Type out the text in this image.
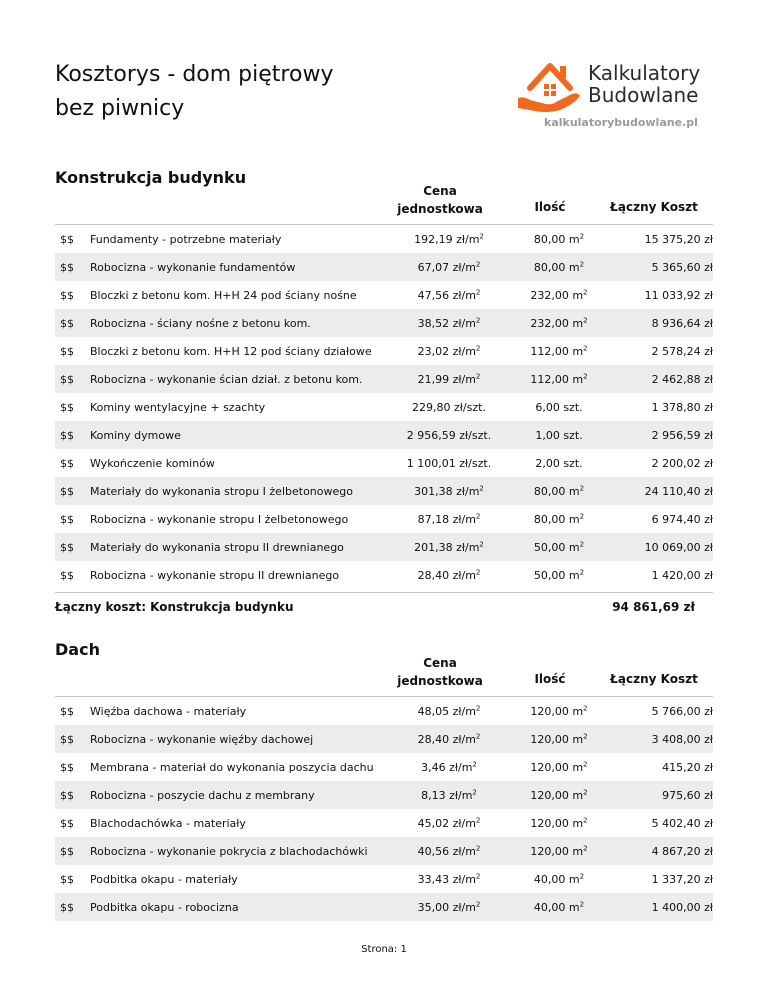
Kosztorys - dom piętrowy
bez piwnicy
Kalkulatory
Budowlane
kalkulatorybudowlane.pl
Konstrukcja budynku
Cena
jednostkowa	Ilość	Łączny Koszt
$$	Fundamenty - potrzebne materiały	192,19 $zł/m^2$	80,00 $m^2$	15 375,20 zł
$$	Robocizna - wykonanie fundamentów	67,07 $zł/m^2$	80,00 $m^2$	5 365,60 zł
$$	Bloczki z betonu kom. H+H 24 pod ściany nośne	47,56 $zł/m^2$	232,00 $m^2$	11 033,92 zł
$$	Robocizna - ściany nośne z betonu kom.	38,52 $zł/m^2$	232,00 $m^2$	8 936,64 zł
$$	Bloczki z betonu kom. H+H 12 pod ściany działowe	23,02 $zł/m^2$	112,00 $m^2$	2 578,24 zł
$$	Robocizna - wykonanie ścian dział. z betonu kom.	21,99 $zł/m^2$	112,00 $m^2$	2 462,88 zł
$$	Kominy wentylacyjne + szachty	229,80 zł/szt.	6,00 szt.	1 378,80 zł
$$	Kominy dymowe	2 956,59 zł/szt.	1,00 szt.	2 956,59 zł
$$	Wykończenie kominów	1 100,01 zł/szt.	2,00 szt.	2 200,02 zł
$$	Materiały do wykonania stropu I żelbetonowego	301,38 $zł/m^2$	80,00 $m^2$	24 110,40 zł
$$	Robocizna - wykonanie stropu I żelbetonowego	87,18 $zł/m^2$	80,00 $m^2$	6 974,40 zł
$$	Materiały do wykonania stropu II drewnianego	201,38 $zł/m^2$	50,00 $m^2$	10 069,00 zł
$$	Robocizna - wykonanie stropu II drewnianego	28,40 $zł/m^2$	50,00 $m^2$	1 420,00 zł
Łączny koszt: Konstrukcja budynku	94 861,69 zł
Dach
Cena
jednostkowa	Ilość	Łączny Koszt
$$	Więźba dachowa - materiały	48,05 $zł/m^2$	120,00 $m^2$	5 766,00 zł
$$	Robocizna - wykonanie więźby dachowej	28,40 $zł/m^2$	120,00 $m^2$	3 408,00 zł
$$	Membrana - materiał do wykonania poszycia dachu	3,46 $zł/m^2$	120,00 $m^2$	415,20 zł
$$	Robocizna - poszycie dachu z membrany	8,13 $zł/m^2$	120,00 $m^2$	975,60 zł
$$	Blachodachówka - materiały	45,02 $zł/m^2$	120,00 $m^2$	5 402,40 zł
$$	Robocizna - wykonanie pokrycia z blachodachówki	40,56 $zł/m^2$	120,00 $m^2$	4 867,20 zł
$$	Podbitka okapu - materiały	33,43 $zł/m^2$	40,00 $m^2$	1 337,20 zł
$$	Podbitka okapu - robocizna	35,00 $zł/m^2$	40,00 $m^2$	1 400,00 zł
Strona: 1
